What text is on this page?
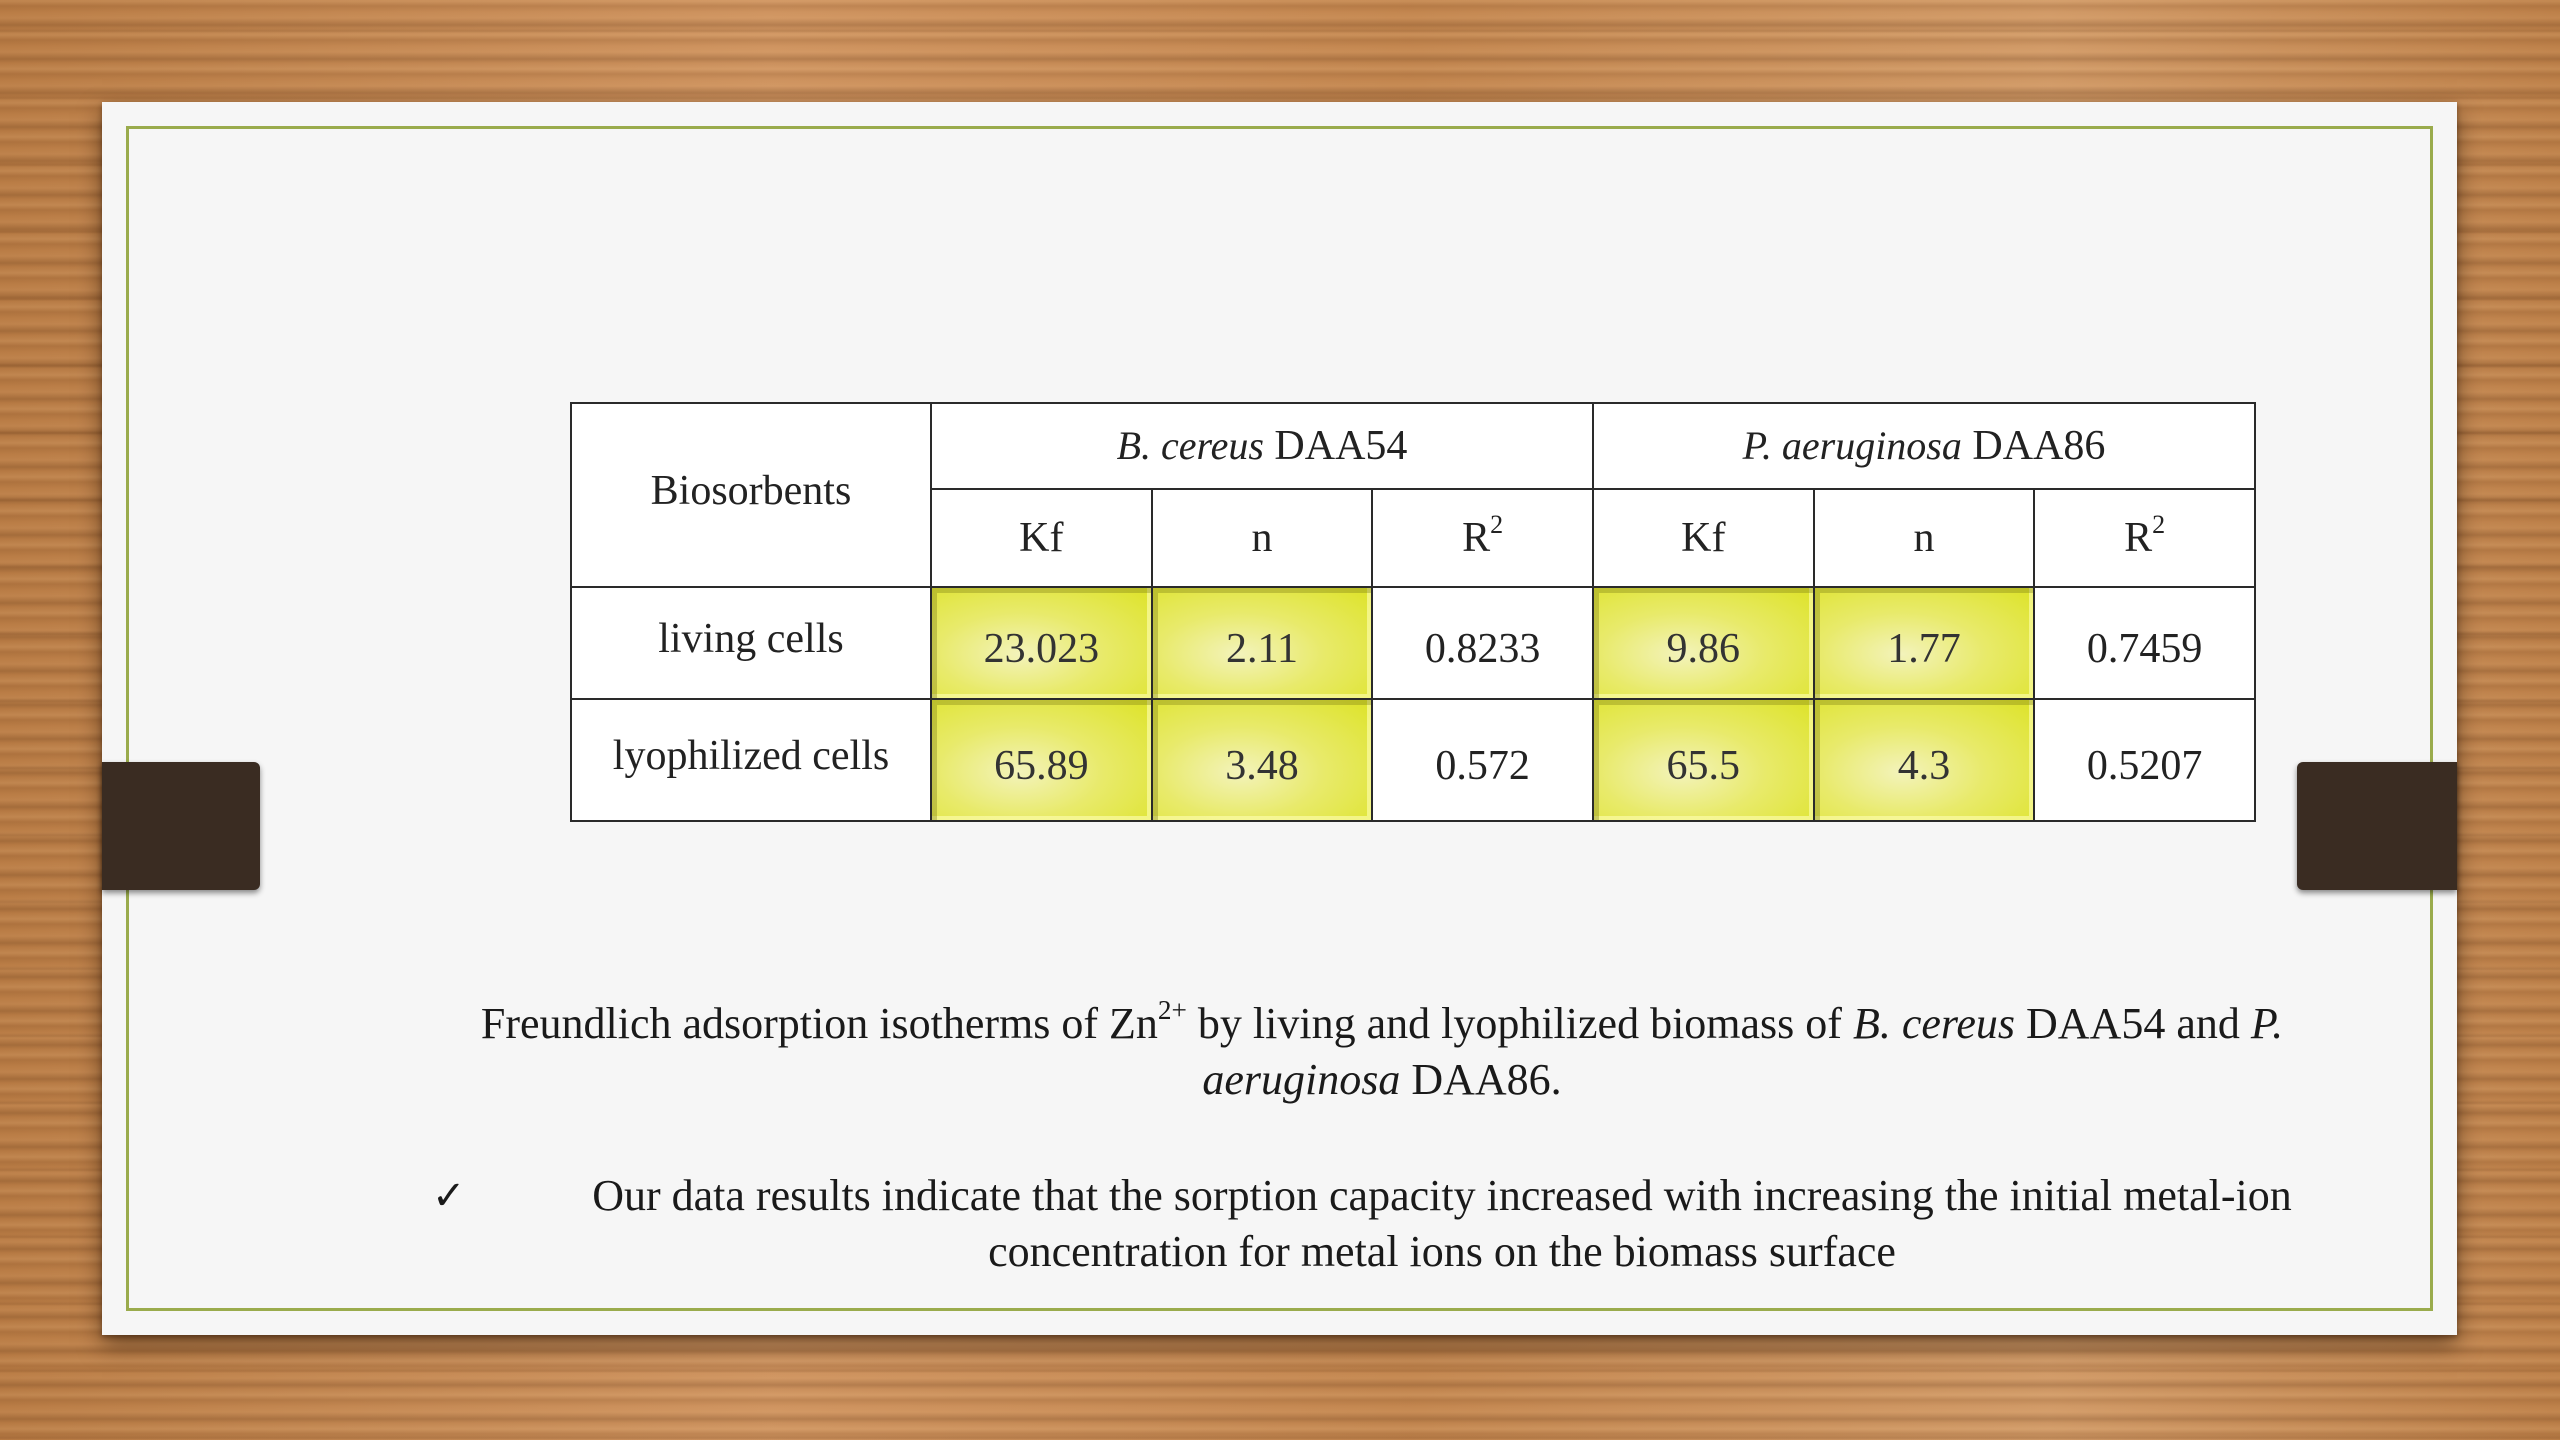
Biosorbents	B. cereus DAA54			P. aeruginosa DAA86		
	Kf	n	$R^2$	Kf	n	$R^2$
living cells	23.023	2.11	0.8233	9.86	1.77	0.7459
lyophilized cells	65.89	3.48	0.572	65.5	4.3	0.5207
Freundlich adsorption isotherms of $Zn^{2+}$ by living and lyophilized biomass of B. cereus DAA54 and P.
aeruginosa DAA86.
✓	Our data results indicate that the sorption capacity increased with increasing the initial metal-ion
concentration for metal ions on the biomass surface
